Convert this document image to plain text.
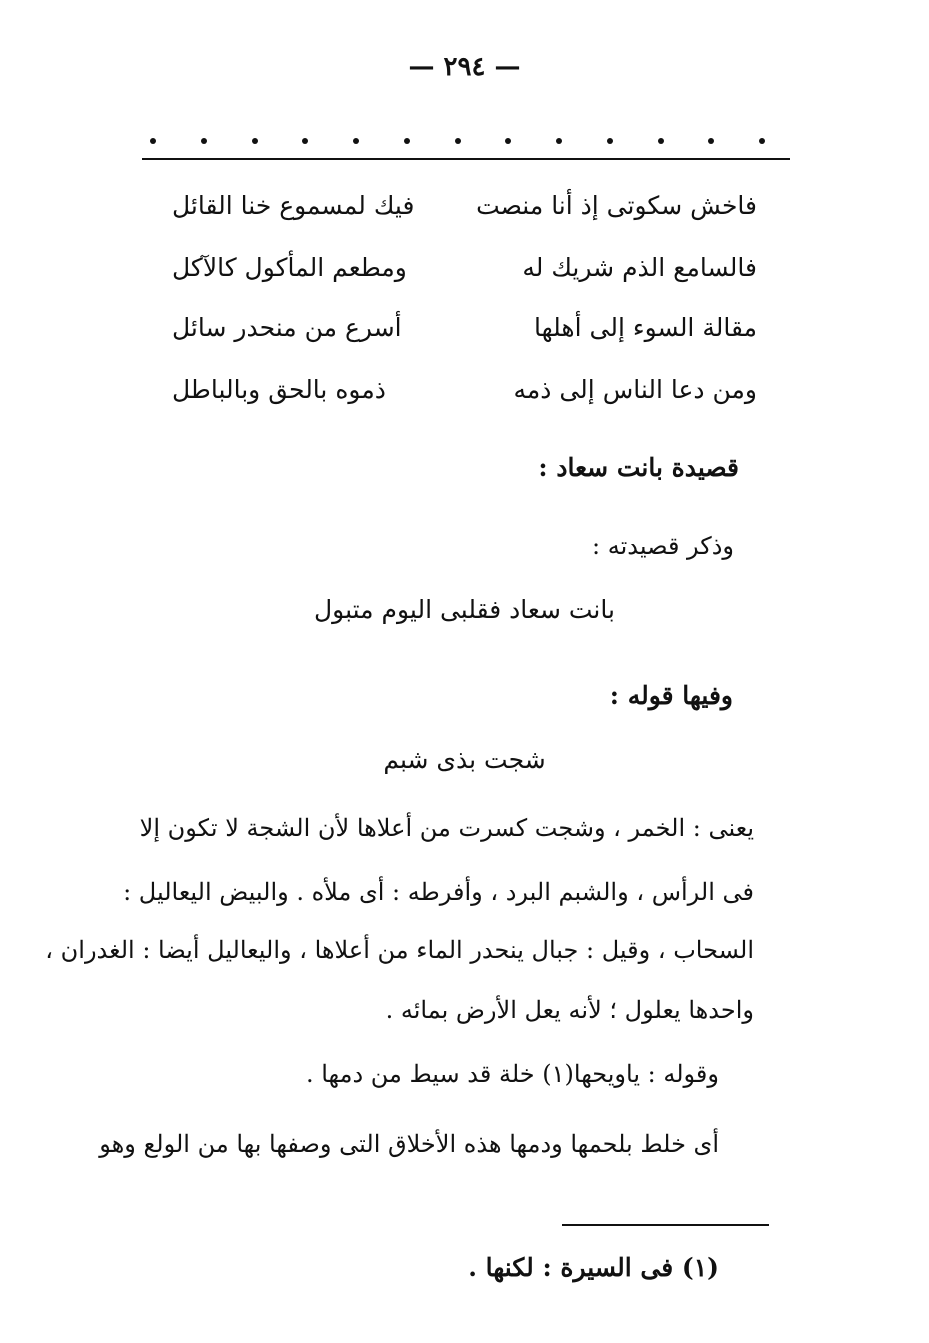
— ٢٩٤ —
فاخش سكوتى إذ أنا منصت
فيك لمسموع خنا القائل
فالسامع الذم شريك له
ومطعم المأكول كالآكل
مقالة السوء إلى أهلها
أسرع من منحدر سائل
ومن دعا الناس إلى ذمه
ذموه بالحق وبالباطل
قصيدة بانت سعاد :
وذكر قصيدته :
بانت سعاد فقلبى اليوم متبول
وفيها قوله :
شجت بذى شبم
يعنى : الخمر ، وشجت كسرت من أعلاها لأن الشجة لا تكون إلا
فى الرأس ، والشبم البرد ، وأفرطه : أى ملأه . والبيض اليعاليل :
السحاب ، وقيل : جبال ينحدر الماء من أعلاها ، واليعاليل أيضا : الغدران ،
واحدها يعلول ؛ لأنه يعل الأرض بمائه .
وقوله : ياويحها(١) خلة قد سيط من دمها .
أى خلط بلحمها ودمها هذه الأخلاق التى وصفها بها من الولع وهو
(١) فى السيرة : لكنها .
